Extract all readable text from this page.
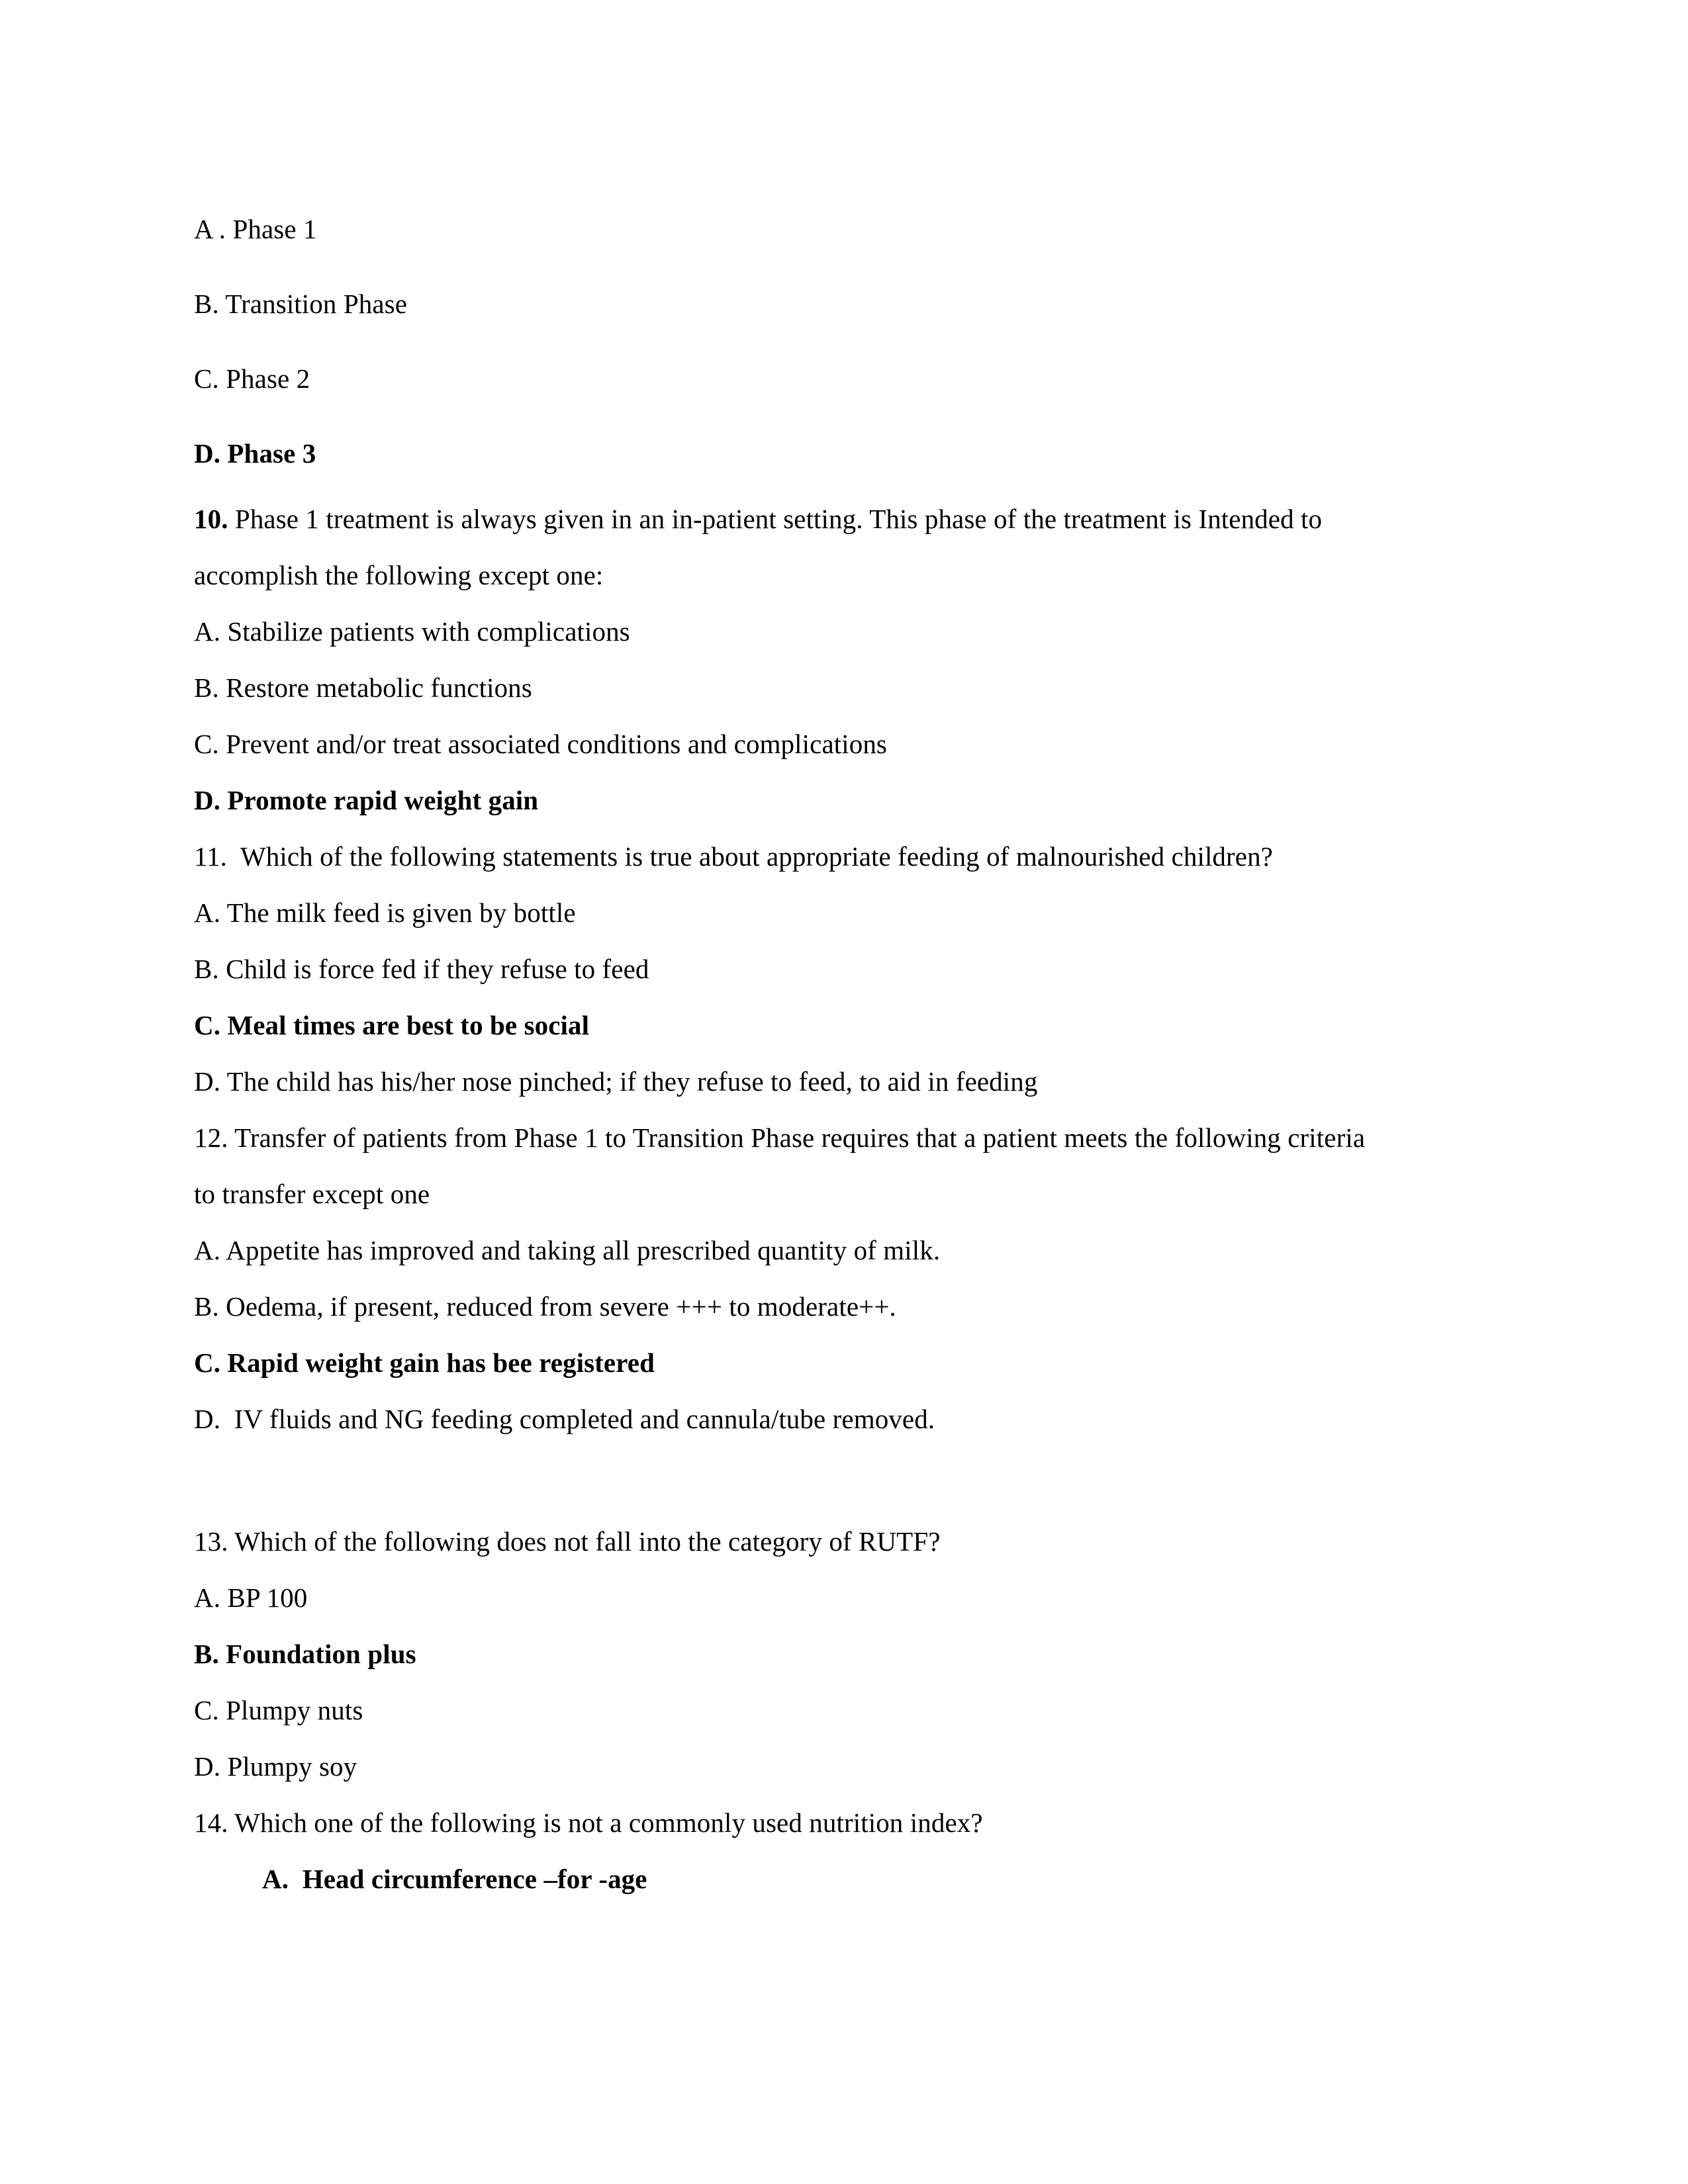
A . Phase 1

B. Transition Phase

C. Phase 2

D. Phase 3

10. Phase 1 treatment is always given in an in-patient setting. This phase of the treatment is Intended to accomplish the following except one:

A. Stabilize patients with complications

B. Restore metabolic functions

C. Prevent and/or treat associated conditions and complications

D. Promote rapid weight gain

11.  Which of the following statements is true about appropriate feeding of malnourished children?

A. The milk feed is given by bottle

B. Child is force fed if they refuse to feed

C. Meal times are best to be social

D. The child has his/her nose pinched; if they refuse to feed, to aid in feeding

12. Transfer of patients from Phase 1 to Transition Phase requires that a patient meets the following criteria to transfer except one

A. Appetite has improved and taking all prescribed quantity of milk.

B. Oedema, if present, reduced from severe +++ to moderate++.

C. Rapid weight gain has bee registered

D.  IV fluids and NG feeding completed and cannula/tube removed.

13. Which of the following does not fall into the category of RUTF?

A. BP 100

B. Foundation plus

C. Plumpy nuts

D. Plumpy soy

14. Which one of the following is not a commonly used nutrition index?

A.  Head circumference –for -age
